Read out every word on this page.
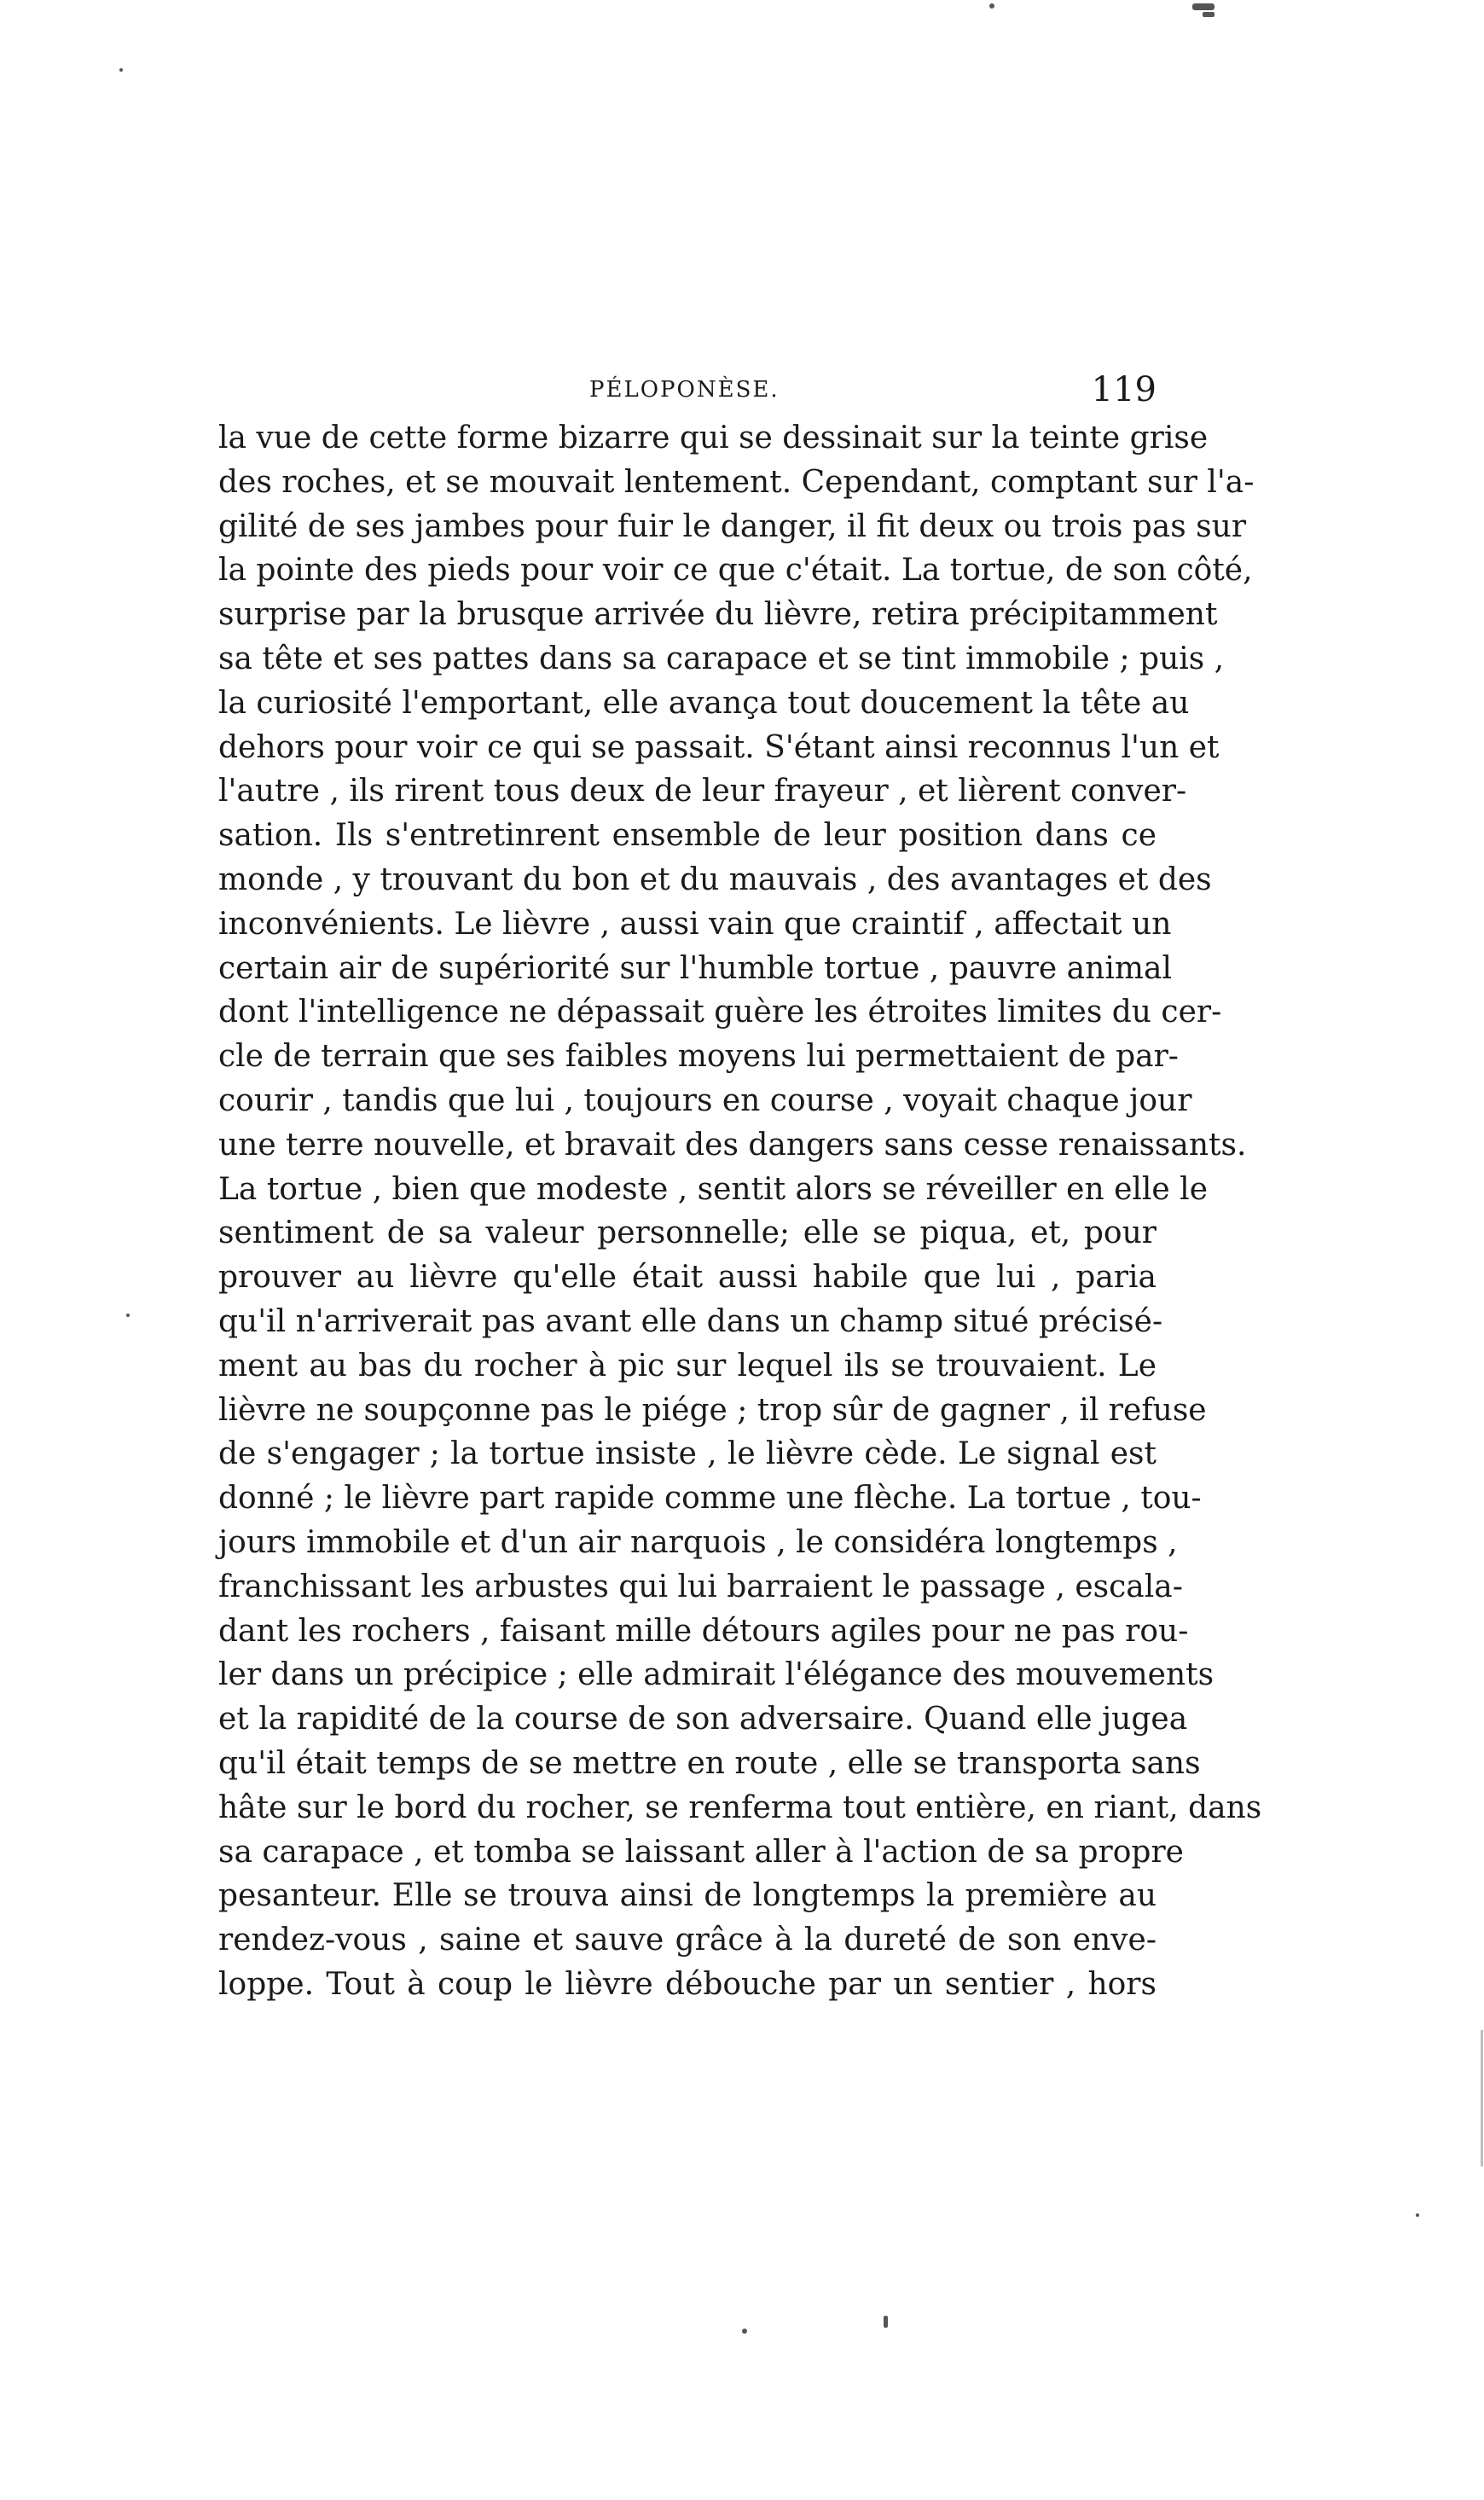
PÉLOPONÈSE.	119
la vue de cette forme bizarre qui se dessinait sur la teinte grise
des roches, et se mouvait lentement. Cependant, comptant sur l'a-
gilité de ses jambes pour fuir le danger, il fit deux ou trois pas sur
la pointe des pieds pour voir ce que c'était. La tortue, de son côté,
surprise par la brusque arrivée du lièvre, retira précipitamment
sa tête et ses pattes dans sa carapace et se tint immobile ; puis ,
la curiosité l'emportant, elle avança tout doucement la tête au
dehors pour voir ce qui se passait. S'étant ainsi reconnus l'un et
l'autre , ils rirent tous deux de leur frayeur , et lièrent conver-
sation. Ils s'entretinrent ensemble de leur position dans ce
monde , y trouvant du bon et du mauvais , des avantages et des
inconvénients. Le lièvre , aussi vain que craintif , affectait un
certain air de supériorité sur l'humble tortue , pauvre animal
dont l'intelligence ne dépassait guère les étroites limites du cer-
cle de terrain que ses faibles moyens lui permettaient de par-
courir , tandis que lui , toujours en course , voyait chaque jour
une terre nouvelle, et bravait des dangers sans cesse renaissants.
La tortue , bien que modeste , sentit alors se réveiller en elle le
sentiment de sa valeur personnelle; elle se piqua, et, pour
prouver au lièvre qu'elle était aussi habile que lui , paria
qu'il n'arriverait pas avant elle dans un champ situé précisé-
ment au bas du rocher à pic sur lequel ils se trouvaient. Le
lièvre ne soupçonne pas le piége ; trop sûr de gagner , il refuse
de s'engager ; la tortue insiste , le lièvre cède. Le signal est
donné ; le lièvre part rapide comme une flèche. La tortue , tou-
jours immobile et d'un air narquois , le considéra longtemps ,
franchissant les arbustes qui lui barraient le passage , escala-
dant les rochers , faisant mille détours agiles pour ne pas rou-
ler dans un précipice ; elle admirait l'élégance des mouvements
et la rapidité de la course de son adversaire. Quand elle jugea
qu'il était temps de se mettre en route , elle se transporta sans
hâte sur le bord du rocher, se renferma tout entière, en riant, dans
sa carapace , et tomba se laissant aller à l'action de sa propre
pesanteur. Elle se trouva ainsi de longtemps la première au
rendez-vous , saine et sauve grâce à la dureté de son enve-
loppe. Tout à coup le lièvre débouche par un sentier , hors
